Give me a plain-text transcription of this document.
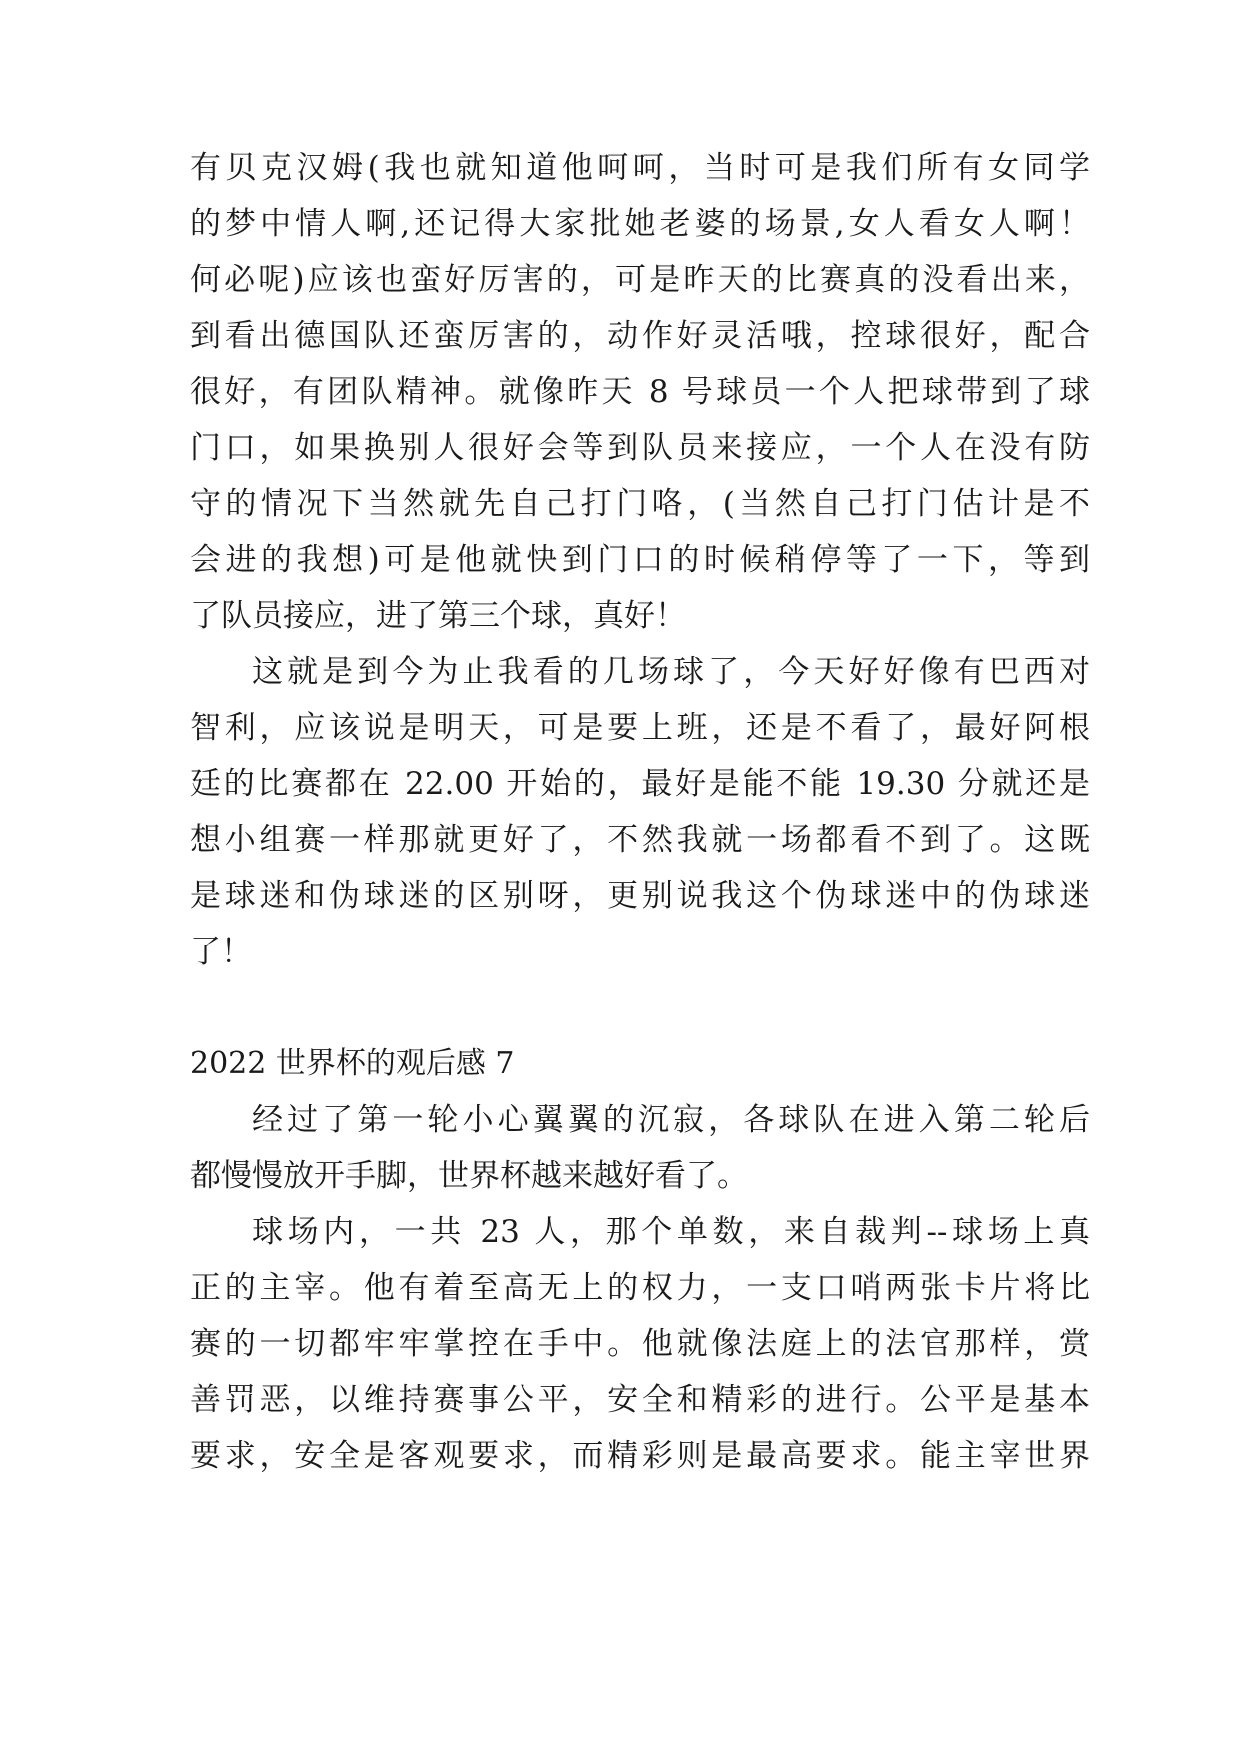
有贝克汉姆(我也就知道他呵呵，当时可是我们所有女同学
的梦中情人啊,还记得大家批她老婆的场景,女人看女人啊！
何必呢)应该也蛮好厉害的，可是昨天的比赛真的没看出来，
到看出德国队还蛮厉害的，动作好灵活哦，控球很好，配合
很好，有团队精神。就像昨天 8 号球员一个人把球带到了球
门口，如果换别人很好会等到队员来接应，一个人在没有防
守的情况下当然就先自己打门咯，(当然自己打门估计是不
会进的我想)可是他就快到门口的时候稍停等了一下，等到
了队员接应，进了第三个球，真好！
这就是到今为止我看的几场球了，今天好好像有巴西对
智利，应该说是明天，可是要上班，还是不看了，最好阿根
廷的比赛都在 22.00 开始的，最好是能不能 19.30 分就还是
想小组赛一样那就更好了，不然我就一场都看不到了。这既
是球迷和伪球迷的区别呀，更别说我这个伪球迷中的伪球迷
了！
2022 世界杯的观后感 7
经过了第一轮小心翼翼的沉寂，各球队在进入第二轮后
都慢慢放开手脚，世界杯越来越好看了。
球场内，一共 23 人，那个单数，来自裁判--球场上真
正的主宰。他有着至高无上的权力，一支口哨两张卡片将比
赛的一切都牢牢掌控在手中。他就像法庭上的法官那样，赏
善罚恶，以维持赛事公平，安全和精彩的进行。公平是基本
要求，安全是客观要求，而精彩则是最高要求。能主宰世界
